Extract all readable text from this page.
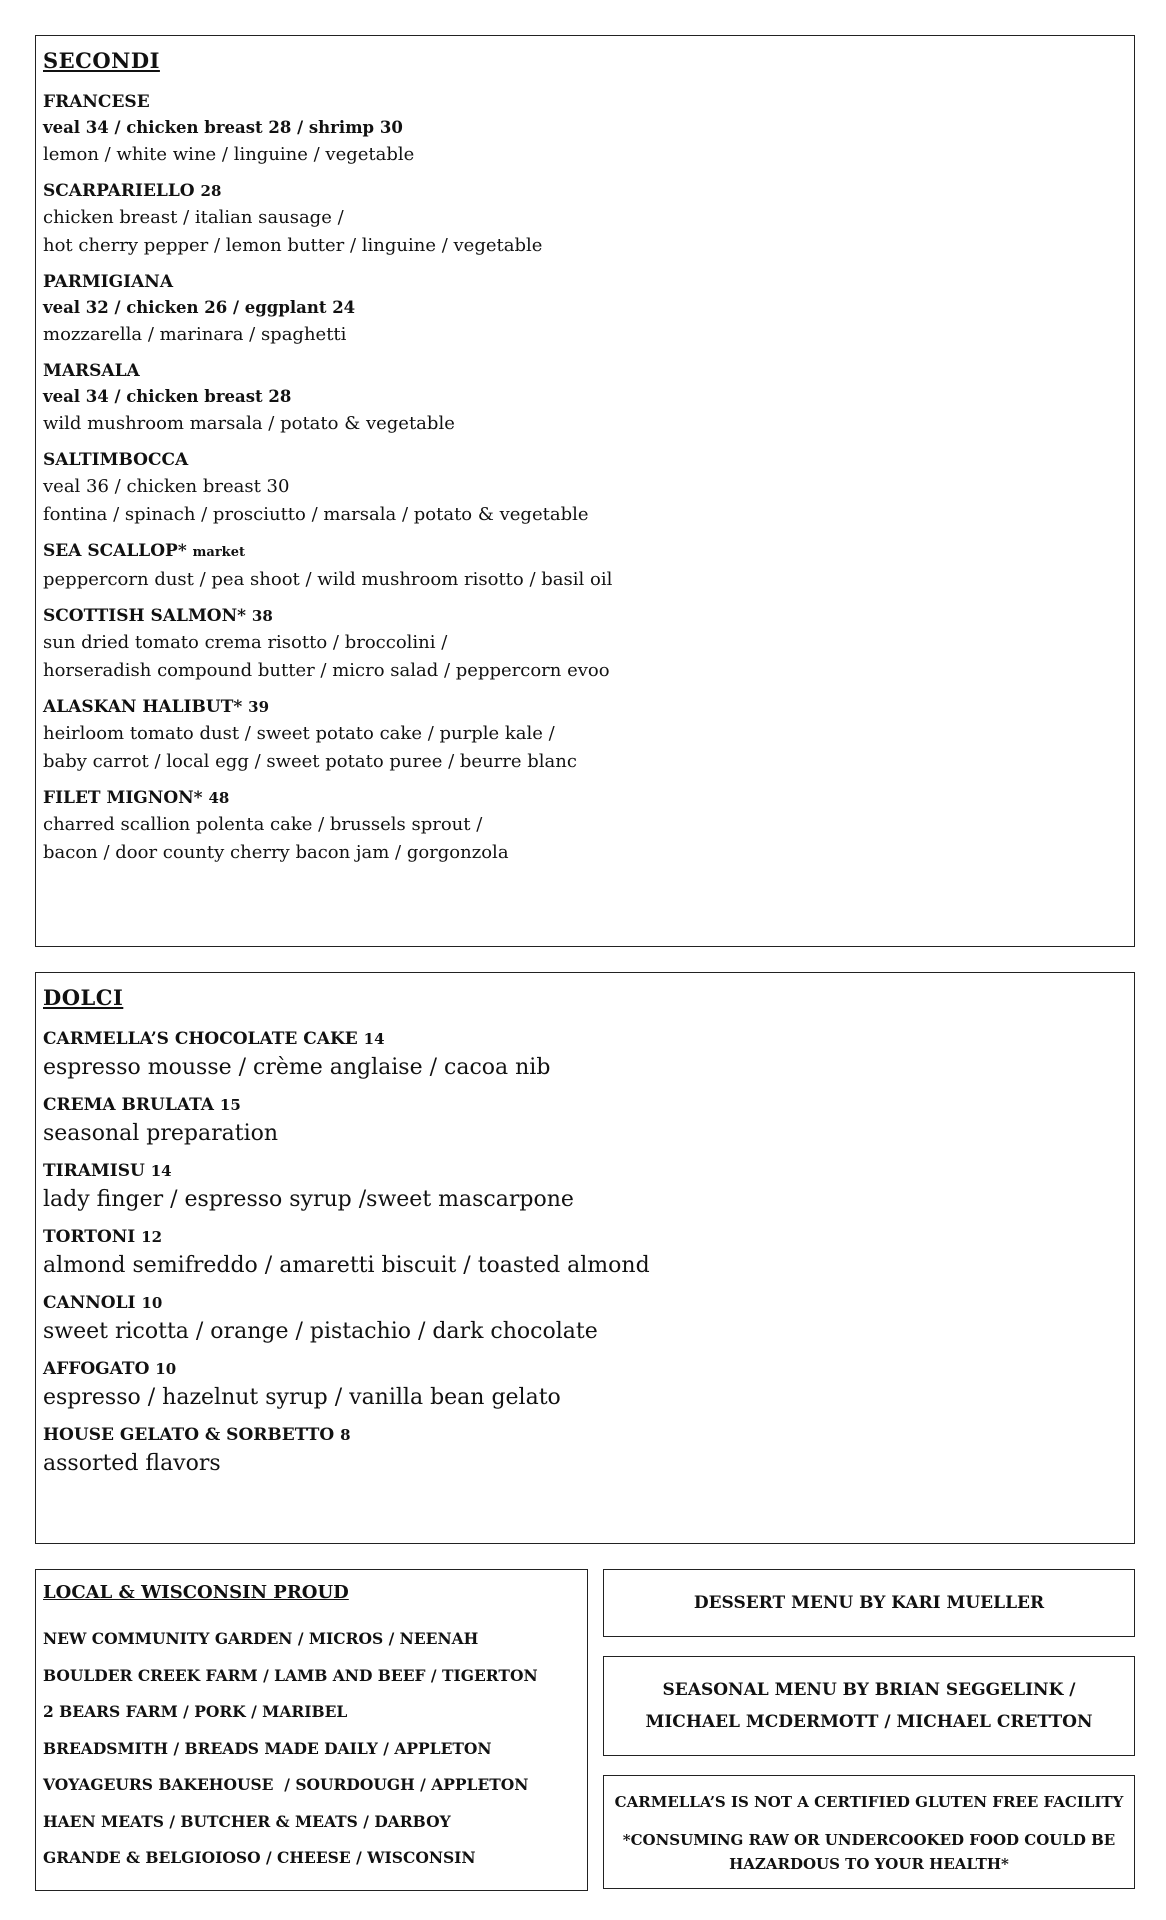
SECONDI
FRANCESE
veal 34 / chicken breast 28 / shrimp 30
lemon / white wine / linguine / vegetable
SCARPARIELLO 28
chicken breast / italian sausage /
hot cherry pepper / lemon butter / linguine / vegetable
PARMIGIANA
veal 32 / chicken 26 / eggplant 24
mozzarella / marinara / spaghetti
MARSALA
veal 34 / chicken breast 28
wild mushroom marsala / potato & vegetable
SALTIMBOCCA
veal 36 / chicken breast 30
fontina / spinach / prosciutto / marsala / potato & vegetable
SEA SCALLOP* market
peppercorn dust / pea shoot / wild mushroom risotto / basil oil
SCOTTISH SALMON* 38
sun dried tomato crema risotto / broccolini /
horseradish compound butter / micro salad / peppercorn evoo
ALASKAN HALIBUT* 39
heirloom tomato dust / sweet potato cake / purple kale /
baby carrot / local egg / sweet potato puree / beurre blanc
FILET MIGNON* 48
charred scallion polenta cake / brussels sprout /
bacon / door county cherry bacon jam / gorgonzola
DOLCI
CARMELLA’S CHOCOLATE CAKE 14
espresso mousse / crème anglaise / cacoa nib
CREMA BRULATA 15
seasonal preparation
TIRAMISU 14
lady finger / espresso syrup /sweet mascarpone
TORTONI 12
almond semifreddo / amaretti biscuit / toasted almond
CANNOLI 10
sweet ricotta / orange / pistachio / dark chocolate
AFFOGATO 10
espresso / hazelnut syrup / vanilla bean gelato
HOUSE GELATO & SORBETTO 8
assorted flavors
LOCAL & WISCONSIN PROUD
NEW COMMUNITY GARDEN / MICROS / NEENAH
BOULDER CREEK FARM / LAMB AND BEEF / TIGERTON
2 BEARS FARM / PORK / MARIBEL
BREADSMITH / BREADS MADE DAILY / APPLETON
VOYAGEURS BAKEHOUSE  / SOURDOUGH / APPLETON
HAEN MEATS / BUTCHER & MEATS / DARBOY
GRANDE & BELGIOIOSO / CHEESE / WISCONSIN
DESSERT MENU BY KARI MUELLER
SEASONAL MENU BY BRIAN SEGGELINK /
MICHAEL MCDERMOTT / MICHAEL CRETTON
CARMELLA’S IS NOT A CERTIFIED GLUTEN FREE FACILITY
*CONSUMING RAW OR UNDERCOOKED FOOD COULD BE
HAZARDOUS TO YOUR HEALTH*
